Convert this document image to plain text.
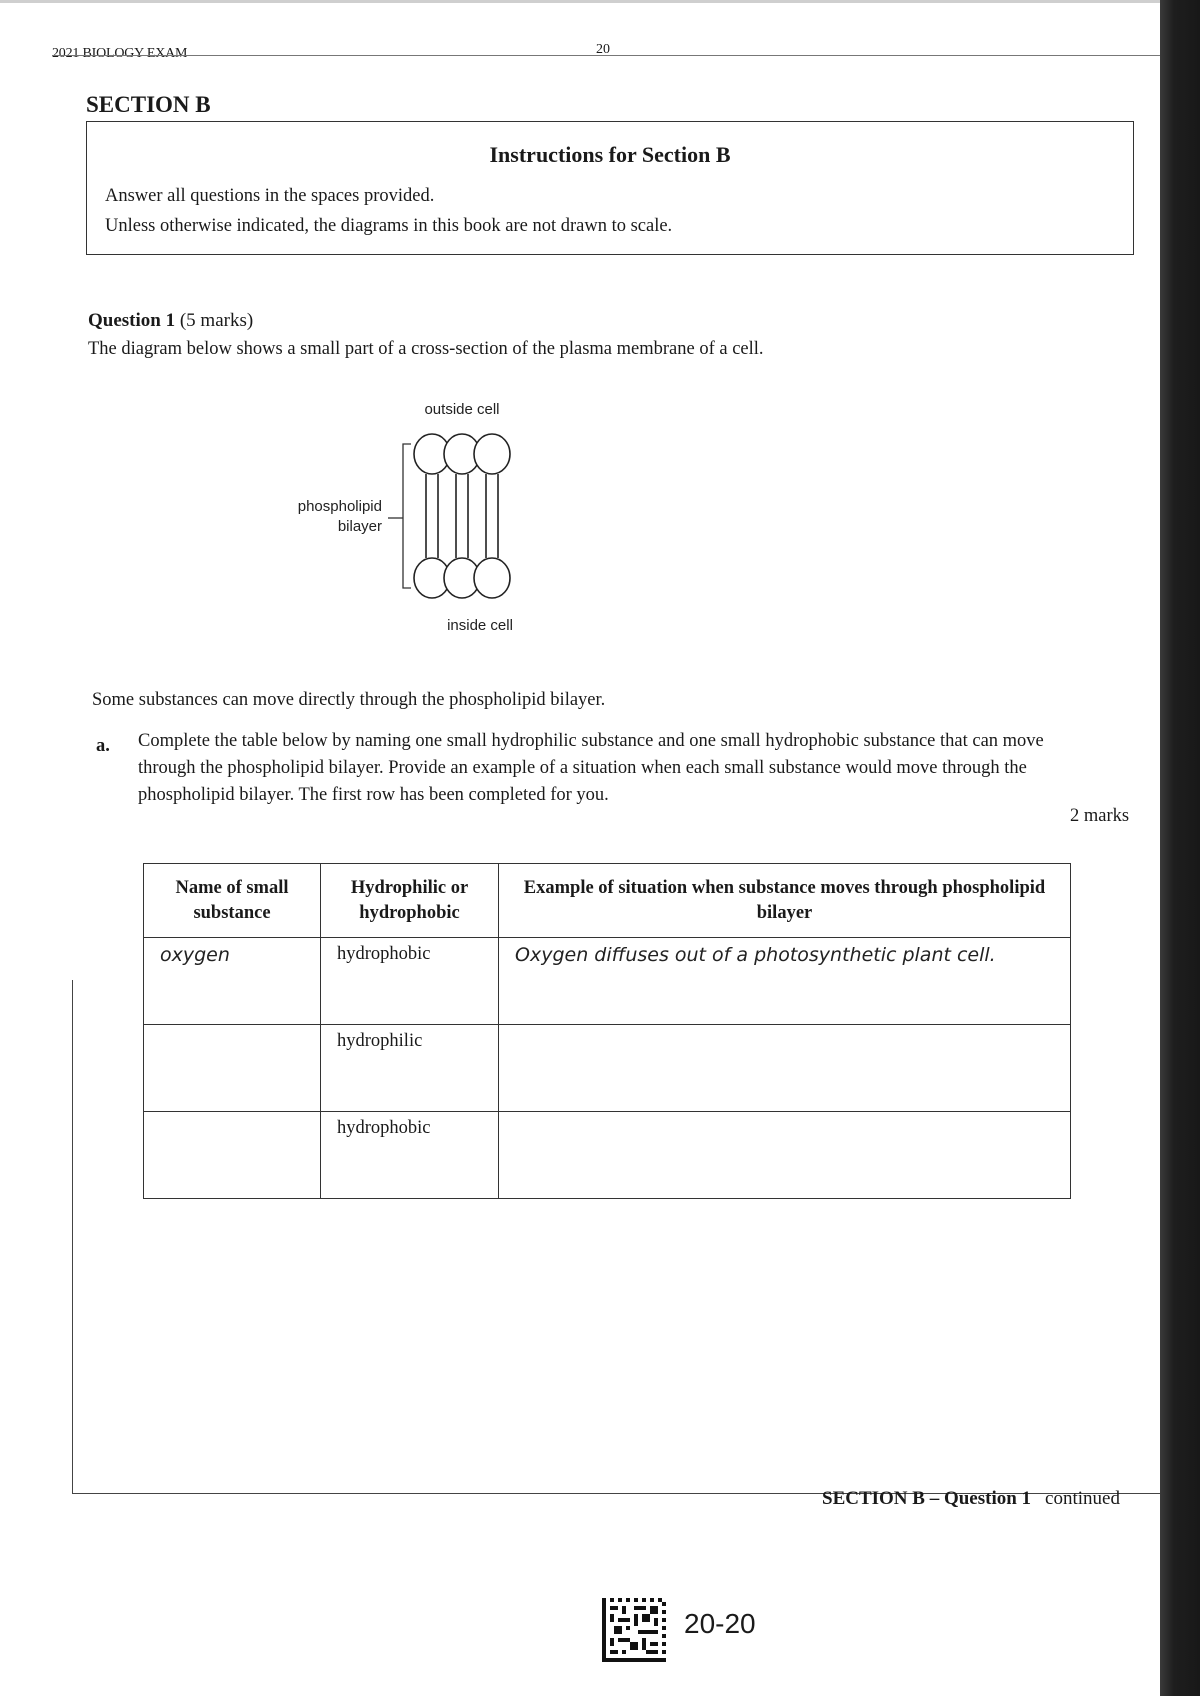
2021 BIOLOGY EXAM	20
SECTION B
Instructions for Section B
Answer all questions in the spaces provided.
Unless otherwise indicated, the diagrams in this book are not drawn to scale.
Question 1 (5 marks)
The diagram below shows a small part of a cross-section of the plasma membrane of a cell.
outside cell
phospholipid
bilayer
inside cell
Some substances can move directly through the phospholipid bilayer.
a. Complete the table below by naming one small hydrophilic substance and one small hydrophobic substance that can move through the phospholipid bilayer. Provide an example of a situation when each small substance would move through the phospholipid bilayer. The first row has been completed for you.
2 marks
Name of small substance	Hydrophilic or hydrophobic	Example of situation when substance moves through phospholipid bilayer
oxygen	hydrophobic	Oxygen diffuses out of a photosynthetic plant cell.
	hydrophilic	
	hydrophobic	
SECTION B – Question 1 continued
20-20
